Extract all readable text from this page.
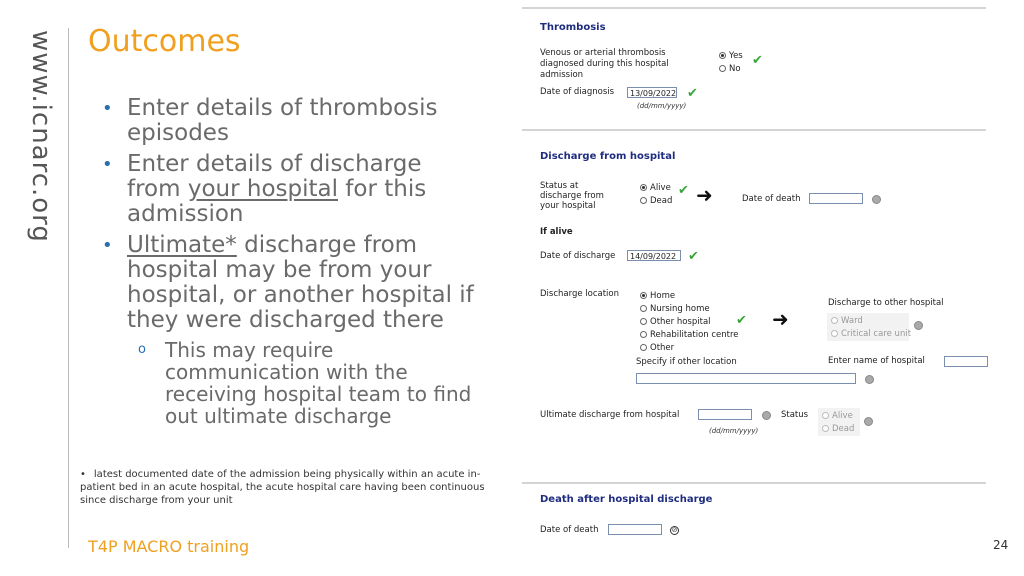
www.icnarc.org Outcomes
• Enter details of thrombosis episodes
• Enter details of discharge from your hospital for this admission
• Ultimate* discharge from hospital may be from your hospital, or another hospital if they were discharged there
o This may require communication with the receiving hospital team to find out ultimate discharge
• latest documented date of the admission being physically within an acute in-patient bed in an acute hospital, the acute hospital care having been continuous since discharge from your unit
T4P MACRO training	24
Thrombosis
Venous or arterial thrombosis diagnosed during this hospital admission
Yes
No
✔
Date of diagnosis	13/09/2022 ✔
(dd/mm/yyyy)
Discharge from hospital
Status at discharge from your hospital
Alive
Dead
✔ ➜	Date of death
If alive
Date of discharge	14/09/2022 ✔
Discharge location	Home
Nursing home
Other hospital
Rehabilitation centre
Other
✔ ➜
Specify if other location
Discharge to other hospital
Ward
Critical care unit
Enter name of hospital
Ultimate discharge from hospital
(dd/mm/yyyy)
Status	Alive
Dead
Death after hospital discharge
Date of death	⊘
